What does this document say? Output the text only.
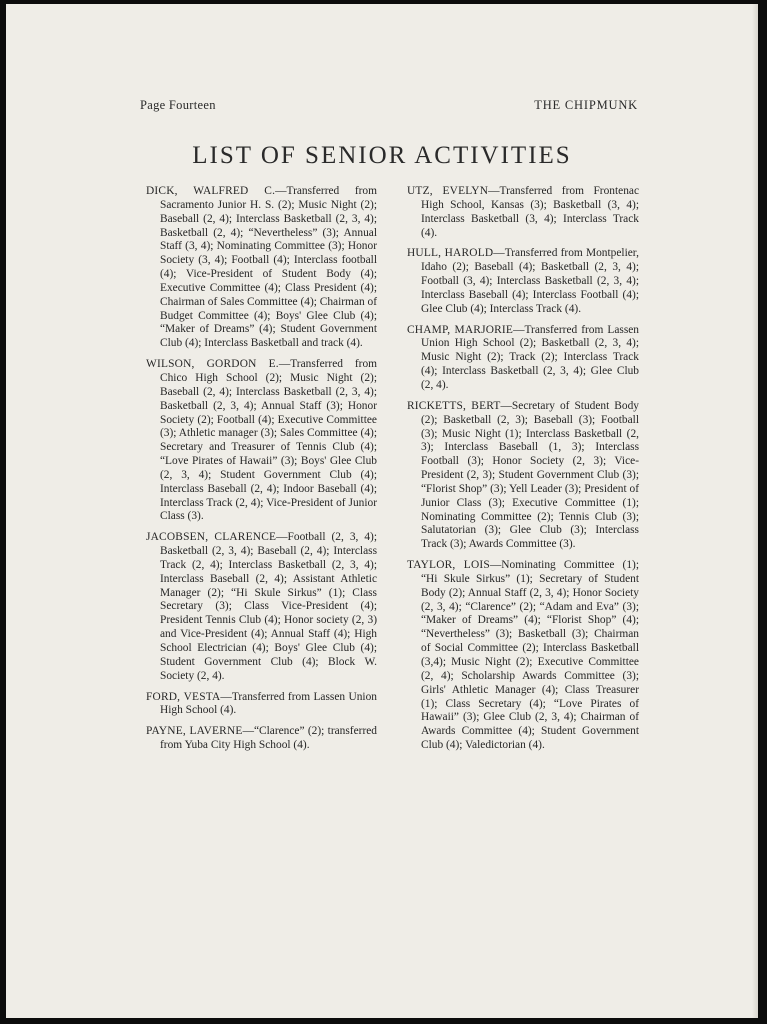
Page Fourteen	THE CHIPMUNK
LIST OF SENIOR ACTIVITIES

DICK, WALFRED C.—Transferred from Sacramento Junior H. S. (2); Music Night (2); Baseball (2, 4); Interclass Basketball (2, 3, 4); Basketball (2, 4); “Nevertheless” (3); Annual Staff (3, 4); Nominating Committee (3); Honor Society (3, 4); Football (4); Interclass football (4); Vice-President of Student Body (4); Executive Committee (4); Class President (4); Chairman of Sales Committee (4); Chairman of Budget Committee (4); Boys' Glee Club (4); “Maker of Dreams” (4); Student Government Club (4); Interclass Basketball and track (4).

WILSON, GORDON E.—Transferred from Chico High School (2); Music Night (2); Baseball (2, 4); Interclass Basketball (2, 3, 4); Basketball (2, 3, 4); Annual Staff (3); Honor Society (2); Football (4); Executive Committee (3); Athletic manager (3); Sales Committee (4); Secretary and Treasurer of Tennis Club (4); “Love Pirates of Hawaii” (3); Boys' Glee Club (2, 3, 4); Student Government Club (4); Interclass Baseball (2, 4); Indoor Baseball (4); Interclass Track (2, 4); Vice-President of Junior Class (3).

JACOBSEN, CLARENCE—Football (2, 3, 4); Basketball (2, 3, 4); Baseball (2, 4); Interclass Track (2, 4); Interclass Basketball (2, 3, 4); Interclass Baseball (2, 4); Assistant Athletic Manager (2); “Hi Skule Sirkus” (1); Class Secretary (3); Class Vice-President (4); President Tennis Club (4); Honor society (2, 3) and Vice-President (4); Annual Staff (4); High School Electrician (4); Boys' Glee Club (4); Student Government Club (4); Block W. Society (2, 4).

FORD, VESTA—Transferred from Lassen Union High School (4).

PAYNE, LAVERNE—“Clarence” (2); transferred from Yuba City High School (4).

UTZ, EVELYN—Transferred from Frontenac High School, Kansas (3); Basketball (3, 4); Interclass Basketball (3, 4); Interclass Track (4).

HULL, HAROLD—Transferred from Montpelier, Idaho (2); Baseball (4); Basketball (2, 3, 4); Football (3, 4); Interclass Basketball (2, 3, 4); Interclass Baseball (4); Interclass Football (4); Glee Club (4); Interclass Track (4).

CHAMP, MARJORIE—Transferred from Lassen Union High School (2); Basketball (2, 3, 4); Music Night (2); Track (2); Interclass Track (4); Interclass Basketball (2, 3, 4); Glee Club (2, 4).

RICKETTS, BERT—Secretary of Student Body (2); Basketball (2, 3); Baseball (3); Football (3); Music Night (1); Interclass Basketball (2, 3); Interclass Baseball (1, 3); Interclass Football (3); Honor Society (2, 3); Vice-President (2, 3); Student Government Club (3); “Florist Shop” (3); Yell Leader (3); President of Junior Class (3); Executive Committee (1); Nominating Committee (2); Tennis Club (3); Salutatorian (3); Glee Club (3); Interclass Track (3); Awards Committee (3).

TAYLOR, LOIS—Nominating Committee (1); “Hi Skule Sirkus” (1); Secretary of Student Body (2); Annual Staff (2, 3, 4); Honor Society (2, 3, 4); “Clarence” (2); “Adam and Eva” (3); “Maker of Dreams” (4); “Florist Shop” (4); “Nevertheless” (3); Basketball (3); Chairman of Social Committee (2); Interclass Basketball (3,4); Music Night (2); Executive Committee (2, 4); Scholarship Awards Committee (3); Girls' Athletic Manager (4); Class Treasurer (1); Class Secretary (4); “Love Pirates of Hawaii” (3); Glee Club (2, 3, 4); Chairman of Awards Committee (4); Student Government Club (4); Valedictorian (4).
